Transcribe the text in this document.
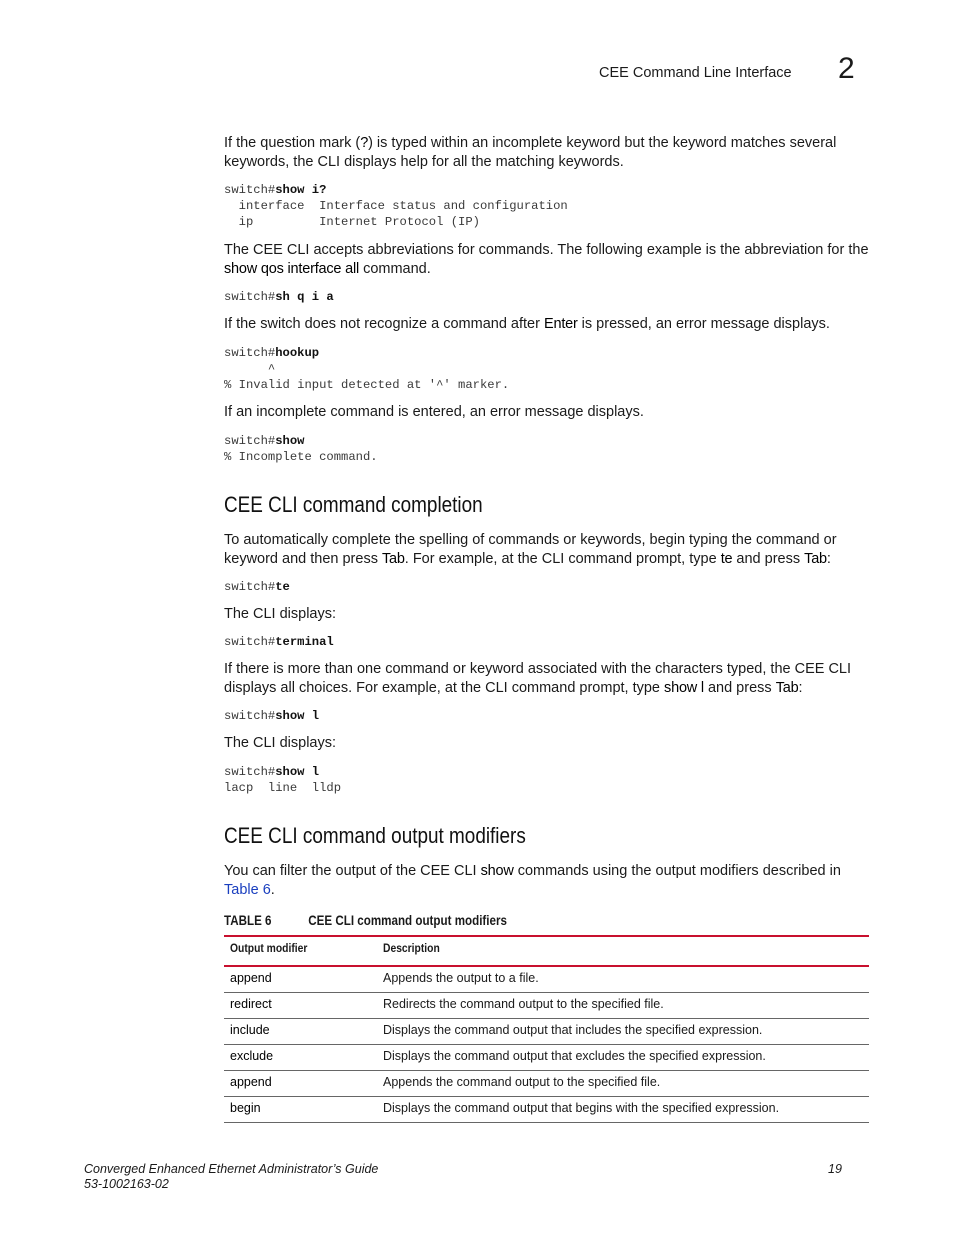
CEE Command Line Interface 2
If the question mark (?) is typed within an incomplete keyword but the keyword matches several keywords, the CLI displays help for all the matching keywords.
switch#show i?
interface  Interface status and configuration
ip         Internet Protocol (IP)
The CEE CLI accepts abbreviations for commands. The following example is the abbreviation for the show qos interface all command.
switch#sh q i a
If the switch does not recognize a command after Enter is pressed, an error message displays.
switch#hookup
^
% Invalid input detected at '^' marker.
If an incomplete command is entered, an error message displays.
switch#show
% Incomplete command.
CEE CLI command completion
To automatically complete the spelling of commands or keywords, begin typing the command or keyword and then press Tab. For example, at the CLI command prompt, type te and press Tab:
switch#te
The CLI displays:
switch#terminal
If there is more than one command or keyword associated with the characters typed, the CEE CLI displays all choices. For example, at the CLI command prompt, type show l and press Tab:
switch#show l
The CLI displays:
switch#show l
lacp  line  lldp
CEE CLI command output modifiers
You can filter the output of the CEE CLI show commands using the output modifiers described in Table 6.
TABLE 6	CEE CLI command output modifiers
Output modifier	Description
append	Appends the output to a file.
redirect	Redirects the command output to the specified file.
include	Displays the command output that includes the specified expression.
exclude	Displays the command output that excludes the specified expression.
append	Appends the command output to the specified file.
begin	Displays the command output that begins with the specified expression.
Converged Enhanced Ethernet Administrator’s Guide
53-1002163-02
19
